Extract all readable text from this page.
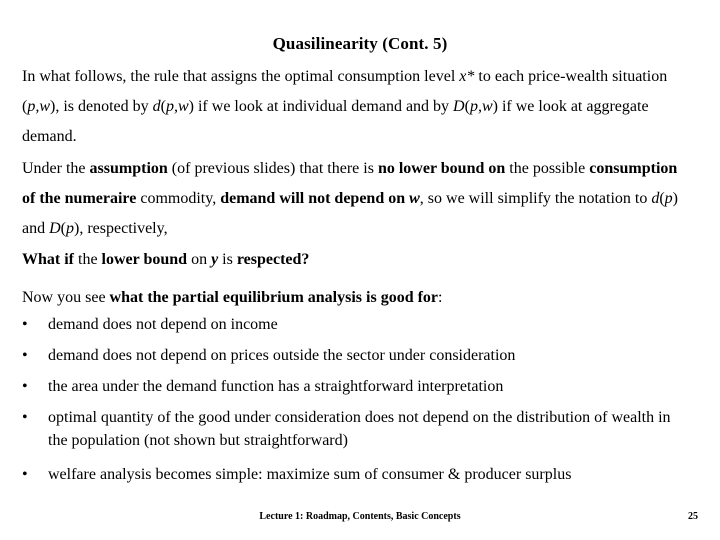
Quasilinearity (Cont. 5)
In what follows, the rule that assigns the optimal consumption level x* to each price-wealth situation (p,w), is denoted by d(p,w) if we look at individual demand and by D(p,w) if we look at aggregate demand.
Under the assumption (of previous slides) that there is no lower bound on the possible consumption of the numeraire commodity, demand will not depend on w, so we will simplify the notation to d(p) and D(p), respectively,
What if the lower bound on y is respected?
Now you see what the partial equilibrium analysis is good for:
• demand does not depend on income
• demand does not depend on prices outside the sector under consideration
• the area under the demand function has a straightforward interpretation
• optimal quantity of the good under consideration does not depend on the distribution of wealth in the population (not shown but straightforward)
• welfare analysis becomes simple: maximize sum of consumer & producer surplus
Lecture 1: Roadmap, Contents, Basic Concepts	25
